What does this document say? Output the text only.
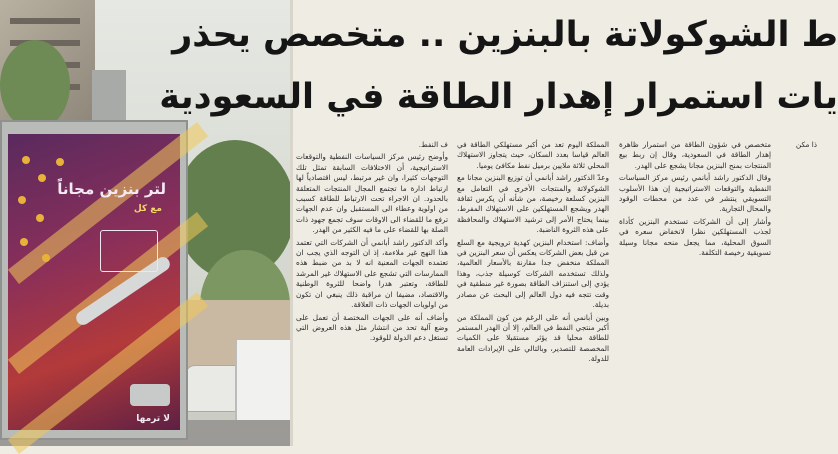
لتر بنزين مجاناً
مع كل
لا ترمها
ط الشوكولاتة بالبنزين .. متخصص يحذر
يات استمرار إهدار الطاقة في السعودية

ف النفط.

وأوضح رئيس مركز السياسات النفطية والتوقعات الاستراتيجية، أن الاختلافات السابقة تمثل تلك التوجهات كثيرا، وان غير مرتبط، ليس اقتصادياً لها ارتباط ادارة ما تجتمع المجال المنتجات المتعلقة بالحدود. ان الاجراء تحت الارتباط للطاقة كسبب من اولوية وعطاء الى المستقبل وان عدم الجهات ترفع ما للقضاء الى الاوقات سوف تجمع جهود ذات الصلة بها للقضاء على ما فيه الكثير من الهدر.

وأكد الدكتور راشد أبانمي أن الشركات التي تعتمد هذا النهج غير ملاءمة، إذ ان التوجه الذي يجب ان تعتمده الجهات المعنية انه لا بد من ضبط هذه الممارسات التي تشجع على الاستهلاك غير المرشد للطاقة، وتعتبر هدرا واضحا للثروة الوطنية والاقتصاد، مضيفا ان مراقبة ذلك ينبغي ان تكون من اولويات الجهات ذات العلاقة.

وأضاف أنه على الجهات المختصة أن تعمل على وضع آلية تحد من انتشار مثل هذه العروض التي تستغل دعم الدولة للوقود.

المملكة اليوم تعد من أكبر مستهلكي الطاقة في العالم قياسا بعدد السكان، حيث يتجاوز الاستهلاك المحلي ثلاثة ملايين برميل نفط مكافئ يوميا.

وعدّ الدكتور راشد أبانمي أن توزيع البنزين مجانا مع الشوكولاتة والمنتجات الأخرى في التعامل مع البنزين كسلعة رخيصة، من شأنه أن يكرس ثقافة الهدر ويشجع المستهلكين على الاستهلاك المفرط، بينما يحتاج الأمر إلى ترشيد الاستهلاك والمحافظة على هذه الثروة الناضبة.

وأضاف: استخدام البنزين كهدية ترويجية مع السلع من قبل بعض الشركات يعكس أن سعر البنزين في المملكة منخفض جدا مقارنة بالأسعار العالمية، ولذلك تستخدمه الشركات كوسيلة جذب، وهذا يؤدي إلى استنزاف الطاقة بصورة غير منطقية في وقت تتجه فيه دول العالم إلى البحث عن مصادر بديلة.

وبين أبانمي أنه على الرغم من كون المملكة من أكبر منتجي النفط في العالم، إلا أن الهدر المستمر للطاقة محليا قد يؤثر مستقبلا على الكميات المخصصة للتصدير، وبالتالي على الإيرادات العامة للدولة.

متخصص في شؤون الطاقة من استمرار ظاهرة إهدار الطاقة في السعودية، وقال إن ربط بيع المنتجات بمنح البنزين مجانا يشجع على الهدر.

وقال الدكتور راشد أبانمي رئيس مركز السياسات النفطية والتوقعات الاستراتيجية إن هذا الأسلوب التسويقي ينتشر في عدد من محطات الوقود والمحال التجارية.

وأشار إلى أن الشركات تستخدم البنزين كأداة لجذب المستهلكين نظرا لانخفاض سعره في السوق المحلية، مما يجعل منحه مجانا وسيلة تسويقية رخيصة التكلفة.

ذا مكن
